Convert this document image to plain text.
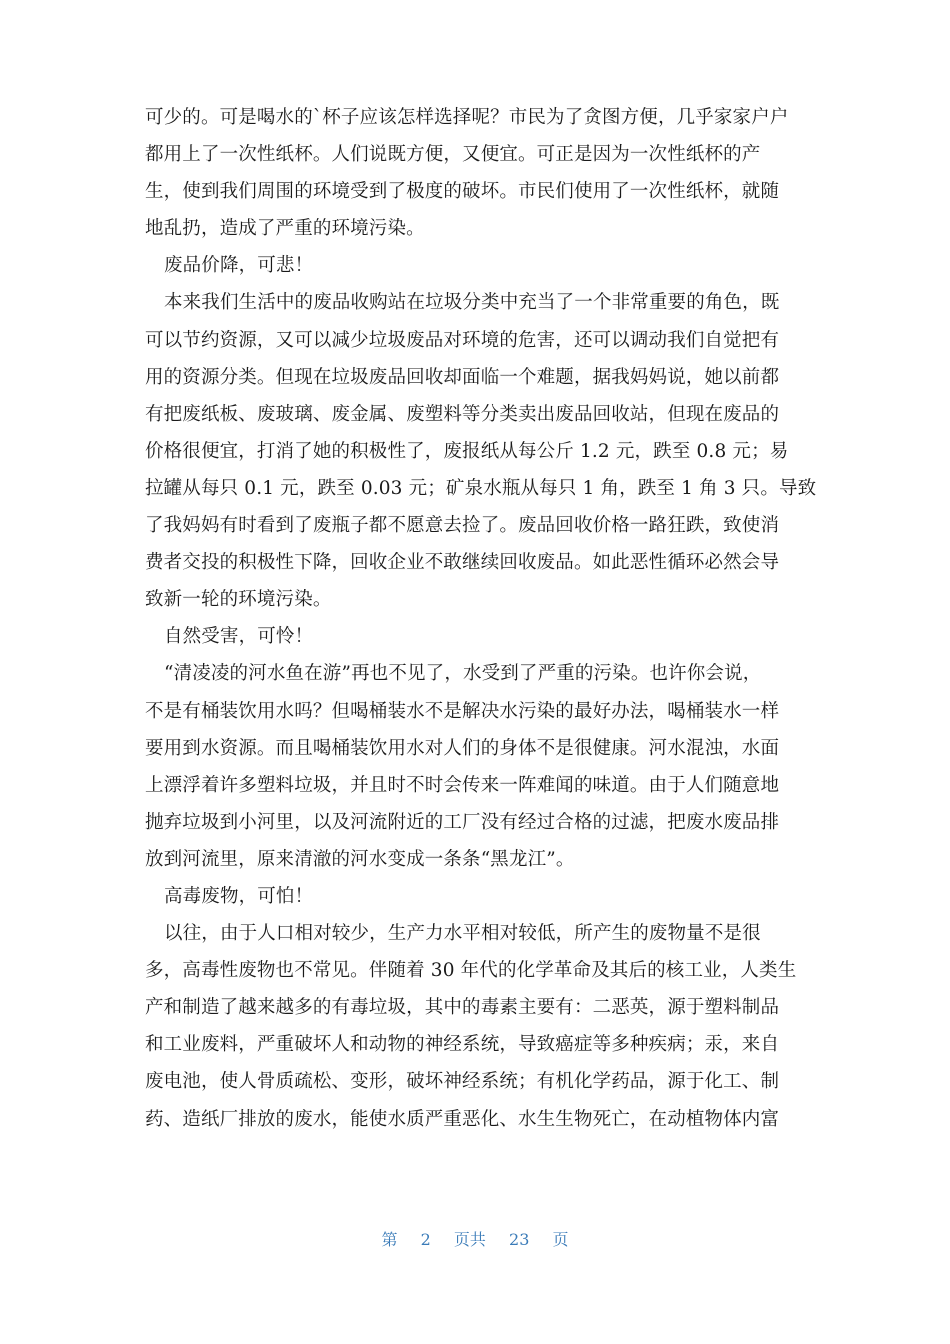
可少的。可是喝水的`杯子应该怎样选择呢？市民为了贪图方便，几乎家家户户
都用上了一次性纸杯。人们说既方便，又便宜。可正是因为一次性纸杯的产
生，使到我们周围的环境受到了极度的破坏。市民们使用了一次性纸杯，就随
地乱扔，造成了严重的环境污染。
废品价降，可悲！
本来我们生活中的废品收购站在垃圾分类中充当了一个非常重要的角色，既
可以节约资源，又可以减少垃圾废品对环境的危害，还可以调动我们自觉把有
用的资源分类。但现在垃圾废品回收却面临一个难题，据我妈妈说，她以前都
有把废纸板、废玻璃、废金属、废塑料等分类卖出废品回收站，但现在废品的
价格很便宜，打消了她的积极性了，废报纸从每公斤 1.2 元，跌至 0.8 元；易
拉罐从每只 0.1 元，跌至 0.03 元；矿泉水瓶从每只 1 角，跌至 1 角 3 只。导致
了我妈妈有时看到了废瓶子都不愿意去捡了。废品回收价格一路狂跌，致使消
费者交投的积极性下降，回收企业不敢继续回收废品。如此恶性循环必然会导
致新一轮的环境污染。
自然受害，可怜！
“清凌凌的河水鱼在游”再也不见了，水受到了严重的污染。也许你会说，
不是有桶装饮用水吗？但喝桶装水不是解决水污染的最好办法，喝桶装水一样
要用到水资源。而且喝桶装饮用水对人们的身体不是很健康。河水混浊，水面
上漂浮着许多塑料垃圾，并且时不时会传来一阵难闻的味道。由于人们随意地
抛弃垃圾到小河里，以及河流附近的工厂没有经过合格的过滤，把废水废品排
放到河流里，原来清澈的河水变成一条条“黑龙江”。
高毒废物，可怕！
以往，由于人口相对较少，生产力水平相对较低，所产生的废物量不是很
多，高毒性废物也不常见。伴随着 30 年代的化学革命及其后的核工业，人类生
产和制造了越来越多的有毒垃圾，其中的毒素主要有：二恶英，源于塑料制品
和工业废料，严重破坏人和动物的神经系统，导致癌症等多种疾病；汞，来自
废电池，使人骨质疏松、变形，破坏神经系统；有机化学药品，源于化工、制
药、造纸厂排放的废水，能使水质严重恶化、水生生物死亡，在动植物体内富
第 2 页共 23 页
